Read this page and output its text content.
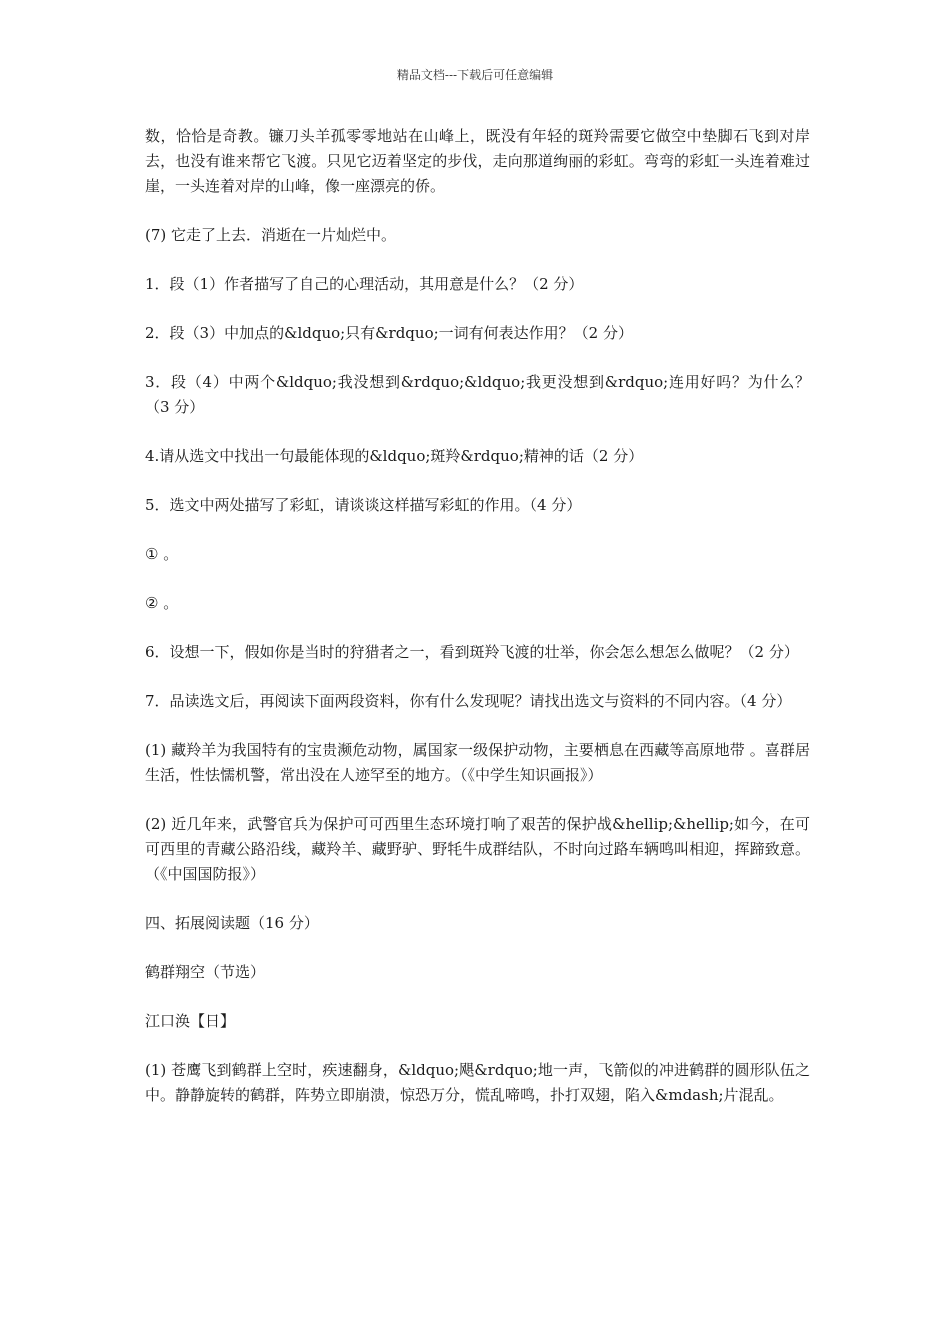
精品文档---下载后可任意编辑

数，恰恰是奇教。镰刀头羊孤零零地站在山峰上，既没有年轻的斑羚需要它做空中垫脚石飞到对岸去，也没有谁来帮它飞渡。只见它迈着坚定的步伐，走向那道绚丽的彩虹。弯弯的彩虹一头连着难过崖，一头连着对岸的山峰，像一座漂亮的侨。

(7) 它走了上去．消逝在一片灿烂中。

1．段（1）作者描写了自己的心理活动，其用意是什么？（2 分）

2．段（3）中加点的&ldquo;只有&rdquo;一词有何表达作用？（2 分）

3．段（4）中两个&ldquo;我没想到&rdquo;&ldquo;我更没想到&rdquo;连用好吗？为什么？（3 分）

4.请从选文中找出一句最能体现的&ldquo;斑羚&rdquo;精神的话（2 分）

5．选文中两处描写了彩虹，请谈谈这样描写彩虹的作用。（4 分）

① 。

② 。

6．设想一下，假如你是当时的狩猎者之一，看到斑羚飞渡的壮举，你会怎么想怎么做呢？（2 分）

7．品读选文后，再阅读下面两段资料，你有什么发现呢？请找出选文与资料的不同内容。（4 分）

(1) 藏羚羊为我国特有的宝贵濒危动物，属国家一级保护动物，主要栖息在西藏等高原地带 。喜群居生活，性怯懦机警，常出没在人迹罕至的地方。（《中学生知识画报》）

(2) 近几年来，武警官兵为保护可可西里生态环境打响了艰苦的保护战&hellip;&hellip;如今，在可可西里的青藏公路沿线，藏羚羊、藏野驴、野牦牛成群结队，不时向过路车辆鸣叫相迎，挥蹄致意。（《中国国防报》）

四、拓展阅读题（16 分）

鹤群翔空（节选）

江口涣【日】

(1) 苍鹰飞到鹤群上空时，疾速翻身，&ldquo;飓&rdquo;地一声，飞箭似的冲进鹤群的圆形队伍之中。静静旋转的鹤群，阵势立即崩溃，惊恐万分，慌乱啼鸣，扑打双翅，陷入&mdash;片混乱。
